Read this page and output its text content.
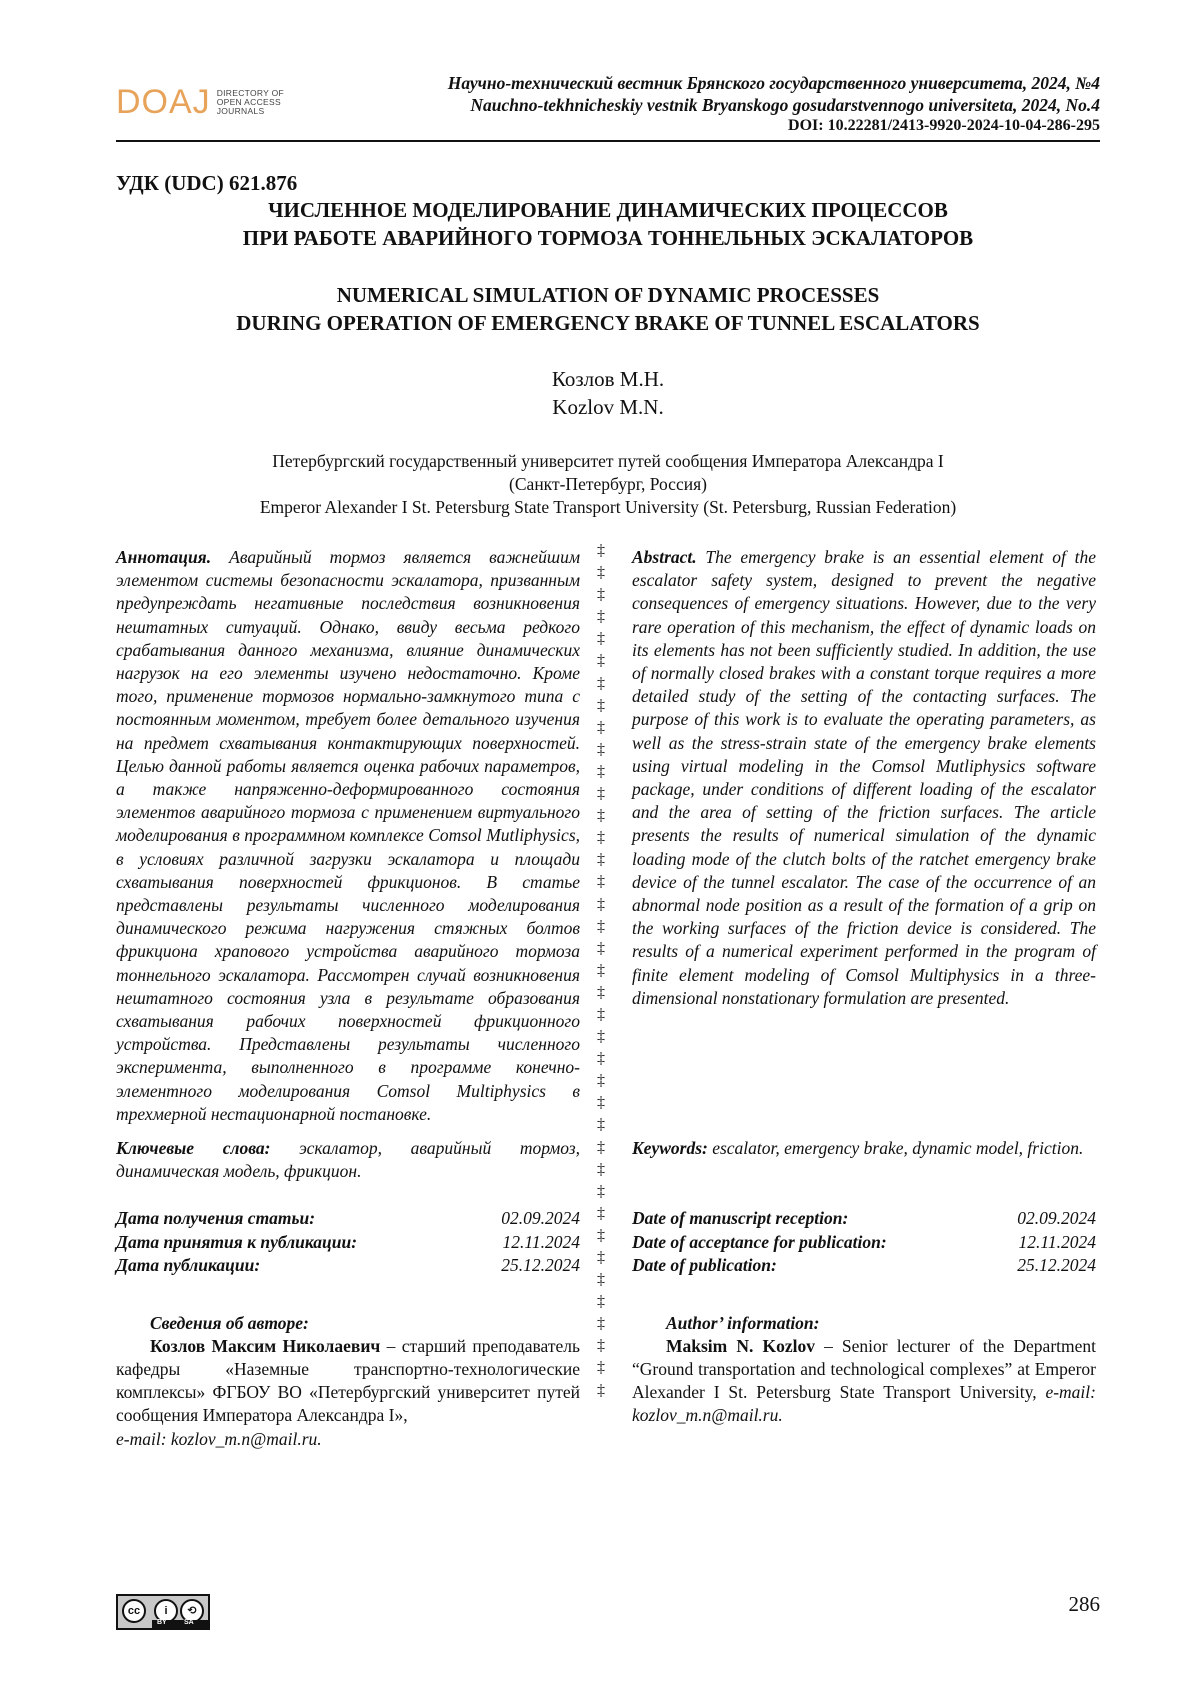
DOAJ DIRECTORY OF
OPEN ACCESS
JOURNALS
Научно-технический вестник Брянского государственного университета, 2024, №4
Nauchno-tekhnicheskiy vestnik Bryanskogo gosudarstvennogo universiteta, 2024, No.4
DOI: 10.22281/2413-9920-2024-10-04-286-295
УДК (UDC) 621.876
ЧИСЛЕННОЕ МОДЕЛИРОВАНИЕ ДИНАМИЧЕСКИХ ПРОЦЕССОВ
ПРИ РАБОТЕ АВАРИЙНОГО ТОРМОЗА ТОННЕЛЬНЫХ ЭСКАЛАТОРОВ
NUMERICAL SIMULATION OF DYNAMIC PROCESSES
DURING OPERATION OF EMERGENCY BRAKE OF TUNNEL ESCALATORS
Козлов М.Н.
Kozlov M.N.
Петербургский государственный университет путей сообщения Императора Александра I
(Санкт-Петербург, Россия)
Emperor Alexander I St. Petersburg State Transport University (St. Petersburg, Russian Federation)
Аннотация. Аварийный тормоз является важнейшим элементом системы безопасности эскалатора, призванным предупреждать негативные последствия возникновения нештатных ситуаций. Однако, ввиду весьма редкого срабатывания данного механизма, влияние динамических нагрузок на его элементы изучено недостаточно. Кроме того, применение тормозов нормально-замкнутого типа с постоянным моментом, требует более детального изучения на предмет схватывания контактирующих поверхностей. Целью данной работы является оценка рабочих параметров, а также напряженно-деформированного состояния элементов аварийного тормоза с применением виртуального моделирования в программном комплексе Comsol Mutliphysics, в условиях различной загрузки эскалатора и площади схватывания поверхностей фрикционов. В статье представлены результаты численного моделирования динамического режима нагружения стяжных болтов фрикциона храпового устройства аварийного тормоза тоннельного эскалатора. Рассмотрен случай возникновения нештатного состояния узла в результате образования схватывания рабочих поверхностей фрикционного устройства. Представлены результаты численного эксперимента, выполненного в программе конечно-элементного моделирования Comsol Multiphysics в трехмерной нестационарной постановке.
Ключевые слова: эскалатор, аварийный тормоз, динамическая модель, фрикцион.
Дата получения статьи:	02.09.2024
Дата принятия к публикации:	12.11.2024
Дата публикации:	25.12.2024
Сведения об авторе:
Козлов Максим Николаевич – старший преподаватель кафедры «Наземные транспортно-технологические комплексы» ФГБОУ ВО «Петербургский университет путей сообщения Императора Александра I»,
e-mail: kozlov_m.n@mail.ru.
‡
‡
‡
‡
‡
‡
‡
‡
‡
‡
‡
‡
‡
‡
‡
‡
‡
‡
‡
‡
‡
‡
‡
‡
‡
‡
‡
‡
‡
‡
‡
‡
‡
‡
‡
‡
‡
‡
‡
Abstract. The emergency brake is an essential element of the escalator safety system, designed to prevent the negative consequences of emergency situations. However, due to the very rare operation of this mechanism, the effect of dynamic loads on its elements has not been sufficiently studied. In addition, the use of normally closed brakes with a constant torque requires a more detailed study of the setting of the contacting surfaces. The purpose of this work is to evaluate the operating parameters, as well as the stress-strain state of the emergency brake elements using virtual modeling in the Comsol Mutliphysics software package, under conditions of different loading of the escalator and the area of setting of the friction surfaces. The article presents the results of numerical simulation of the dynamic loading mode of the clutch bolts of the ratchet emergency brake device of the tunnel escalator. The case of the occurrence of an abnormal node position as a result of the formation of a grip on the working surfaces of the friction device is considered. The results of a numerical experiment performed in the program of finite element modeling of Comsol Multiphysics in a three-dimensional nonstationary formulation are presented.
Keywords: escalator, emergency brake, dynamic model, friction.
Date of manuscript reception:	02.09.2024
Date of acceptance for publication:	12.11.2024
Date of publication:	25.12.2024
Author’ information:
Maksim N. Kozlov – Senior lecturer of the Department “Ground transportation and technological complexes” at Emperor Alexander I St. Petersburg State Transport University, e-mail: kozlov_m.n@mail.ru.
cc	i	⟲
BY SA
286
